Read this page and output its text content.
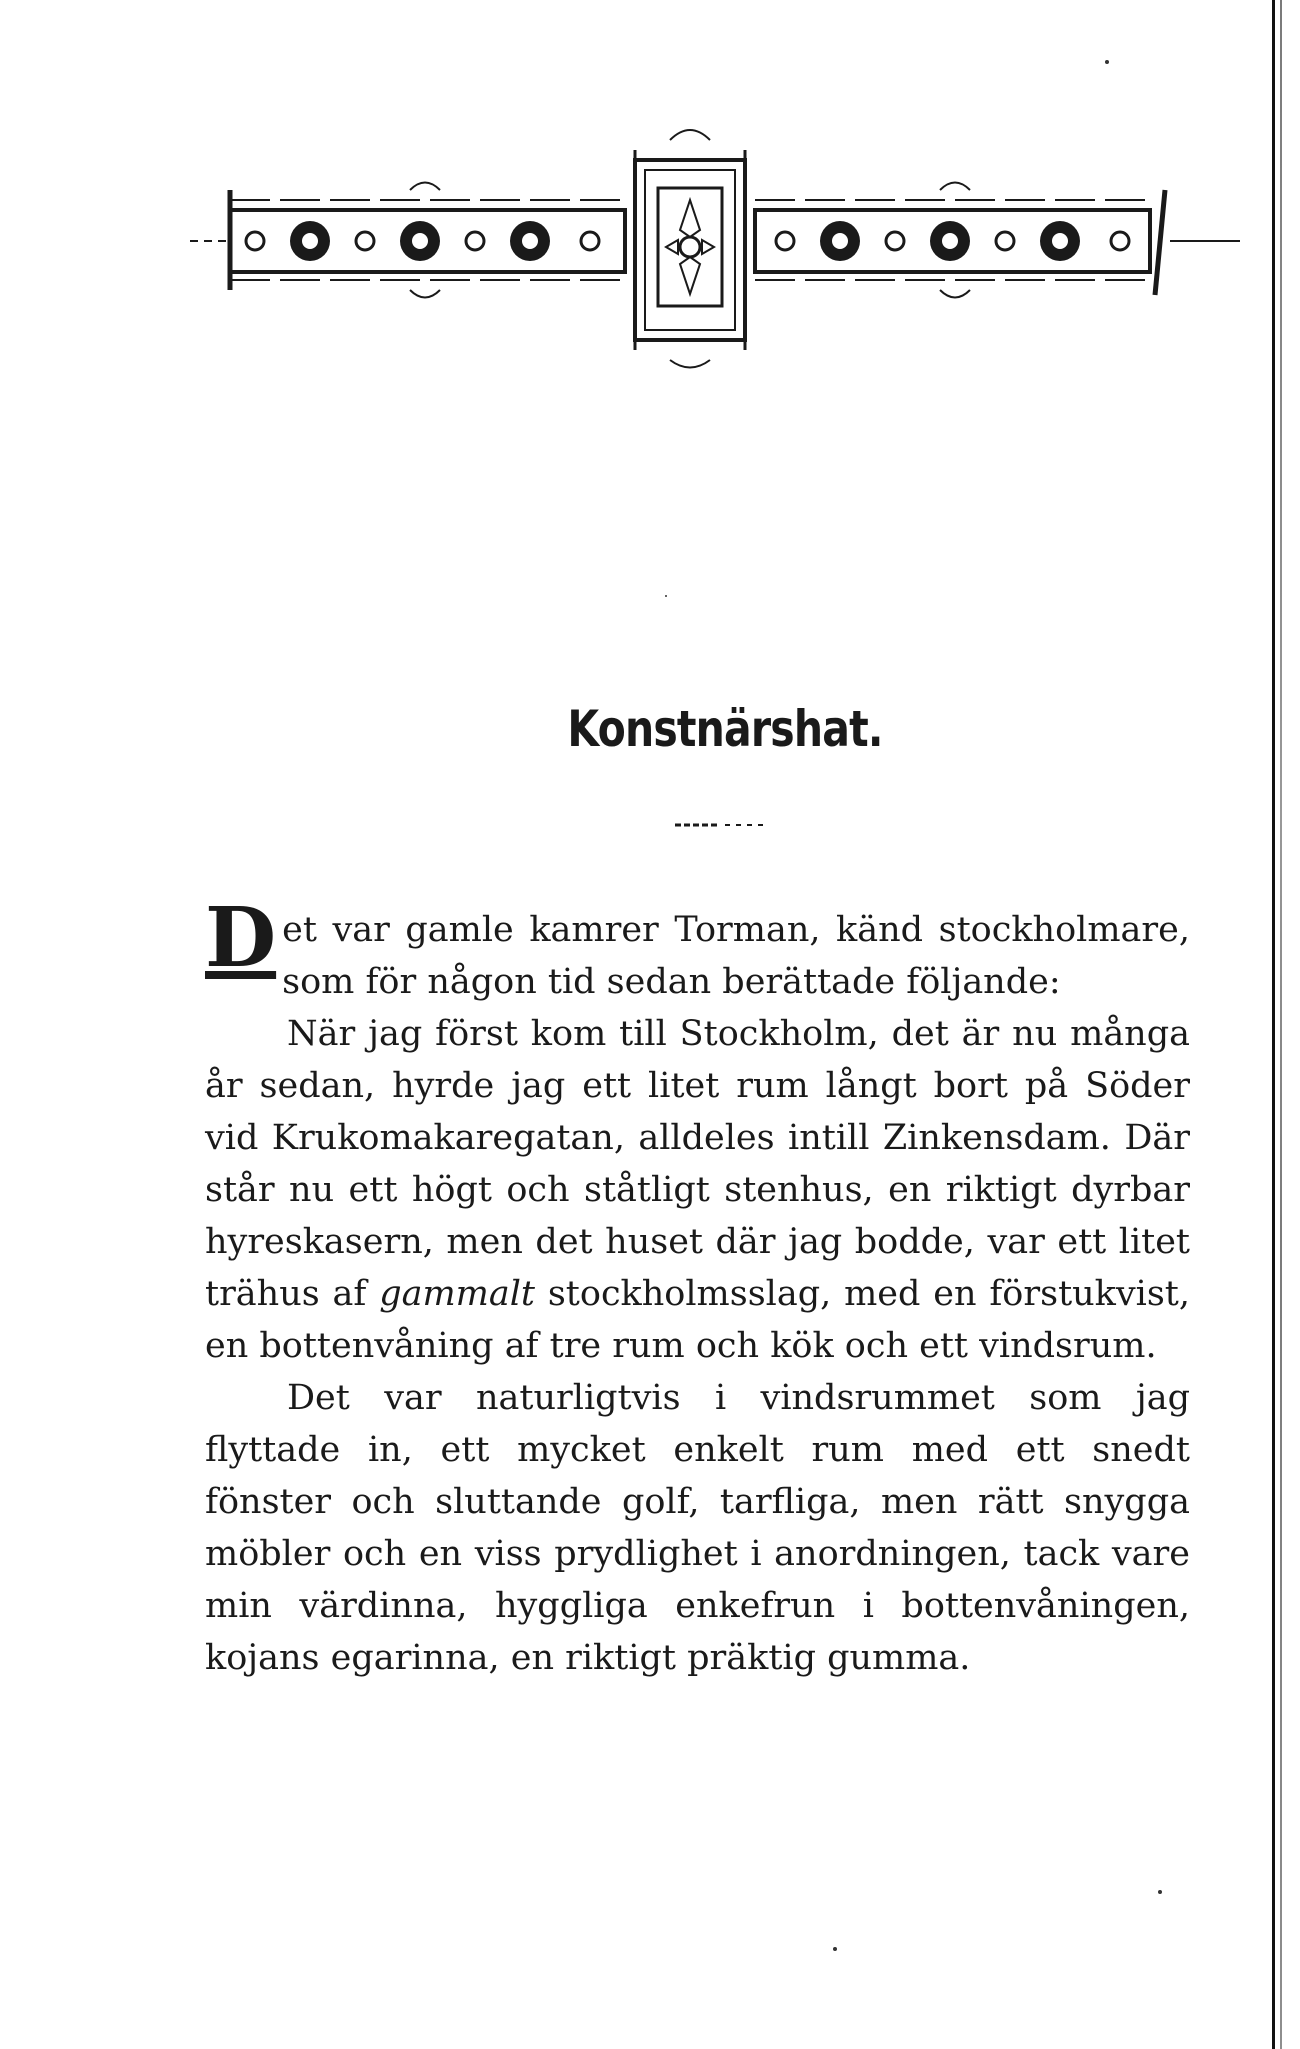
Konstnärshat.

Det var gamle kamrer Torman, känd stockholmare, som för någon tid sedan berättade följande:

När jag först kom till Stockholm, det är nu många år sedan, hyrde jag ett litet rum långt bort på Söder vid Krukomakaregatan, alldeles intill Zinkensdam. Där står nu ett högt och ståtligt stenhus, en riktigt dyrbar hyreskasern, men det huset där jag bodde, var ett litet trähus af gammalt stockholmsslag, med en förstukvist, en bottenvåning af tre rum och kök och ett vindsrum.

Det var naturligtvis i vindsrummet som jag flyttade in, ett mycket enkelt rum med ett snedt fönster och sluttande golf, tarfliga, men rätt snygga möbler och en viss prydlighet i anordningen, tack vare min värdinna, hyggliga enkefrun i bottenvåningen, kojans egarinna, en riktigt präktig gumma.
